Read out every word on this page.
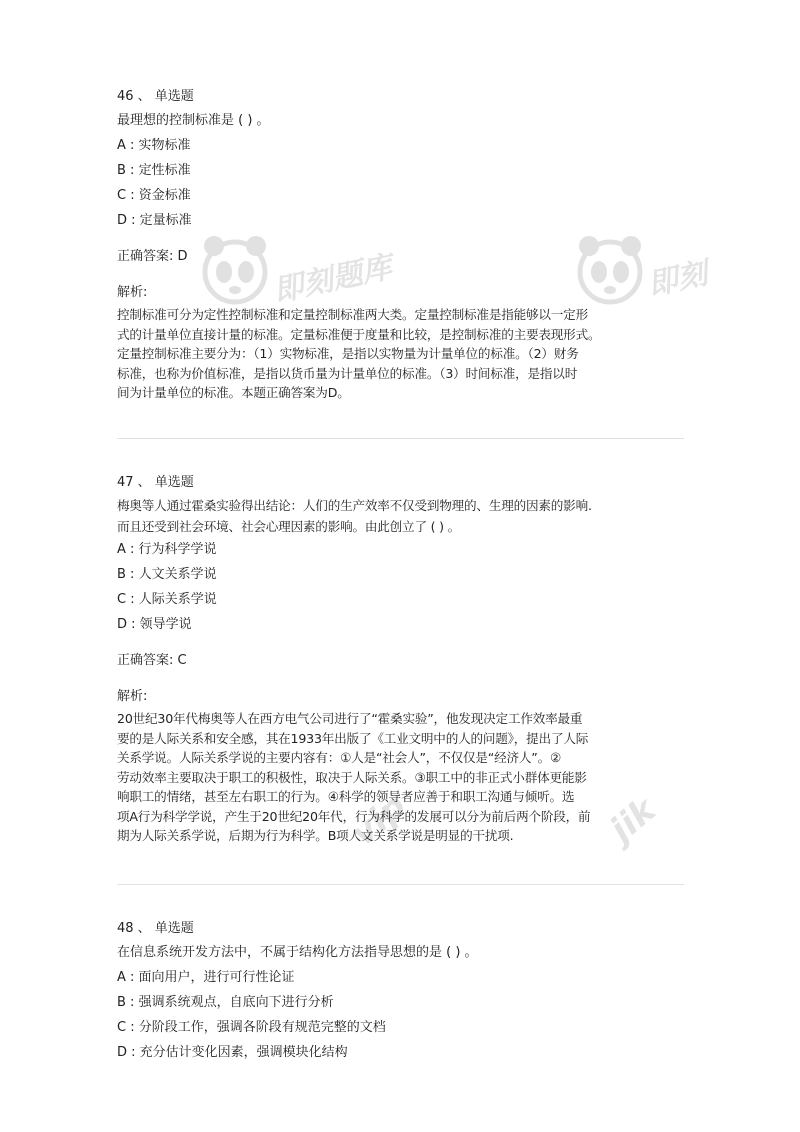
即刻题库	即刻
vip	jik
46 、 单选题
最理想的控制标准是 ( ) 。
A : 实物标准
B : 定性标准
C : 资金标准
D : 定量标准
正确答案: D
解析:
控制标准可分为定性控制标准和定量控制标准两大类。定量控制标准是指能够以一定形
式的计量单位直接计量的标准。定量标准便于度量和比较，是控制标准的主要表现形式。
定量控制标准主要分为：（1）实物标准，是指以实物量为计量单位的标准。（2）财务
标准，也称为价值标准，是指以货币量为计量单位的标准。（3）时间标准，是指以时
间为计量单位的标准。本题正确答案为D。
47 、 单选题
梅奥等人通过霍桑实验得出结论：人们的生产效率不仅受到物理的、生理的因素的影响.
而且还受到社会环境、社会心理因素的影响。由此创立了 ( ) 。
A : 行为科学学说
B : 人文关系学说
C : 人际关系学说
D : 领导学说
正确答案: C
解析:
20世纪30年代梅奥等人在西方电气公司进行了“霍桑实验”，他发现决定工作效率最重
要的是人际关系和安全感，其在1933年出版了《工业文明中的人的问题》，提出了人际
关系学说。人际关系学说的主要内容有：①人是“社会人”，不仅仅是“经济人”。②
劳动效率主要取决于职工的积极性，取决于人际关系。③职工中的非正式小群体更能影
响职工的情绪，甚至左右职工的行为。④科学的领导者应善于和职工沟通与倾听。选
项A行为科学学说，产生于20世纪20年代，行为科学的发展可以分为前后两个阶段，前
期为人际关系学说，后期为行为科学。B项人文关系学说是明显的干扰项.
48 、 单选题
在信息系统开发方法中，不属于结构化方法指导思想的是 ( ) 。
A : 面向用户，进行可行性论证
B : 强调系统观点，自底向下进行分析
C : 分阶段工作，强调各阶段有规范完整的文档
D : 充分估计变化因素，强调模块化结构
